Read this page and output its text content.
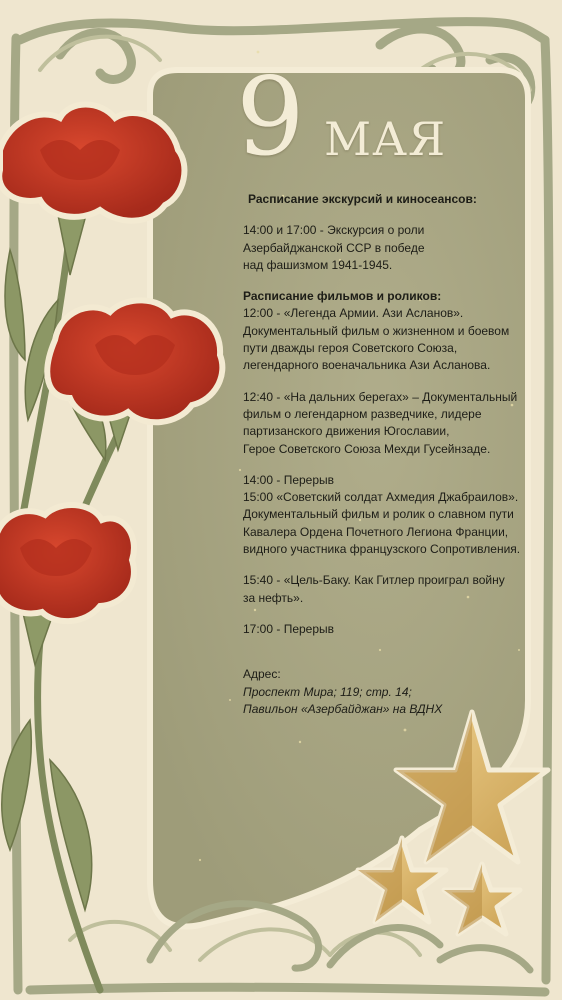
9 мая

Расписание экскурсий и киносеансов:

14:00 и 17:00 - Экскурсия о роли

Азербайджанской ССР в победе

над фашизмом 1941-1945.

Расписание фильмов и роликов:

12:00 - «Легенда Армии. Ази Асланов».

Документальный фильм о жизненном и боевом

пути дважды героя Советского Союза,

легендарного военачальника Ази Асланова.

12:40 - «На дальних берегах» – Документальный

фильм о легендарном разведчике, лидере

партизанского движения Югославии,

Герое Советского Союза Мехди Гусейнзаде.

14:00 - Перерыв

15:00 «Советский солдат Ахмедия Джабраилов».

Документальный фильм и ролик о славном пути

Кавалера Ордена Почетного Легиона Франции,

видного участника французского Сопротивления.

15:40 - «Цель-Баку. Как Гитлер проиграл войну

за нефть».

17:00 - Перерыв

Адрес:

Проспект Мира; 119; стр. 14;

Павильон «Азербайджан» на ВДНХ
